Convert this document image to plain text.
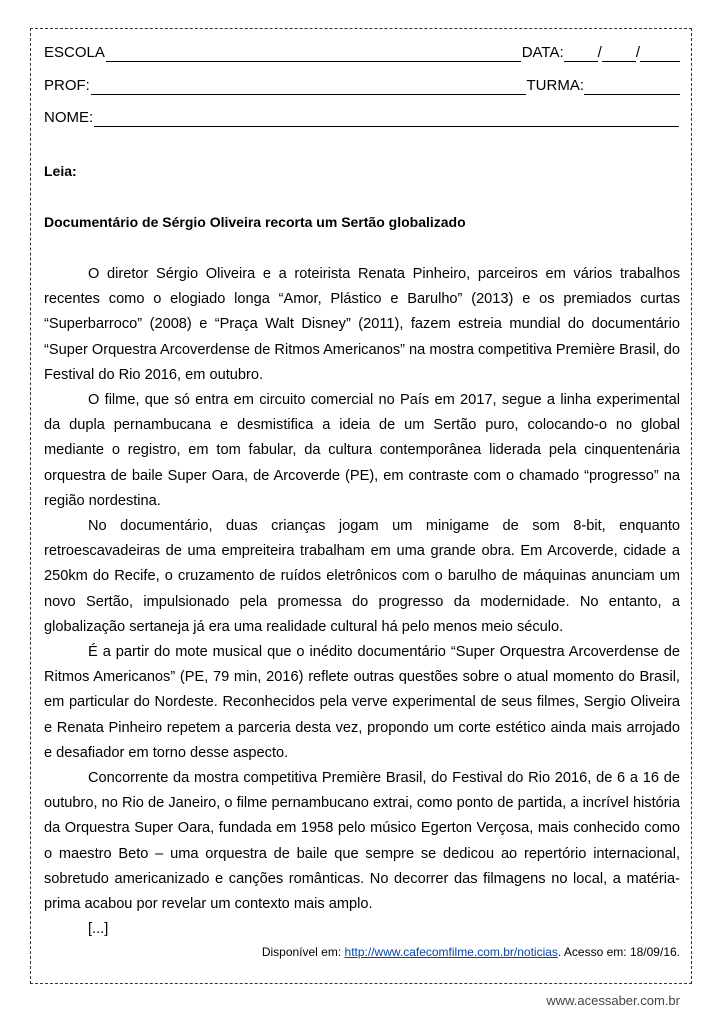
ESCOLA	DATA: / /
PROF:	TURMA:
NOME:
Leia:
Documentário de Sérgio Oliveira recorta um Sertão globalizado

O diretor Sérgio Oliveira e a roteirista Renata Pinheiro, parceiros em vários trabalhos recentes como o elogiado longa “Amor, Plástico e Barulho” (2013) e os premiados curtas “Superbarroco” (2008) e “Praça Walt Disney” (2011), fazem estreia mundial do documentário “Super Orquestra Arcoverdense de Ritmos Americanos” na mostra competitiva Première Brasil, do Festival do Rio 2016, em outubro.

O filme, que só entra em circuito comercial no País em 2017, segue a linha experimental da dupla pernambucana e desmistifica a ideia de um Sertão puro, colocando-o no global mediante o registro, em tom fabular, da cultura contemporânea liderada pela cinquentenária orquestra de baile Super Oara, de Arcoverde (PE), em contraste com o chamado “progresso” na região nordestina.

No documentário, duas crianças jogam um minigame de som 8-bit, enquanto retroescavadeiras de uma empreiteira trabalham em uma grande obra. Em Arcoverde, cidade a 250km do Recife, o cruzamento de ruídos eletrônicos com o barulho de máquinas anunciam um novo Sertão, impulsionado pela promessa do progresso da modernidade. No entanto, a globalização sertaneja já era uma realidade cultural há pelo menos meio século.

É a partir do mote musical que o inédito documentário “Super Orquestra Arcoverdense de Ritmos Americanos” (PE, 79 min, 2016) reflete outras questões sobre o atual momento do Brasil, em particular do Nordeste. Reconhecidos pela verve experimental de seus filmes, Sergio Oliveira e Renata Pinheiro repetem a parceria desta vez, propondo um corte estético ainda mais arrojado e desafiador em torno desse aspecto.

Concorrente da mostra competitiva Première Brasil, do Festival do Rio 2016, de 6 a 16 de outubro, no Rio de Janeiro, o filme pernambucano extrai, como ponto de partida, a incrível história da Orquestra Super Oara, fundada em 1958 pelo músico Egerton Verçosa, mais conhecido como o maestro Beto – uma orquestra de baile que sempre se dedicou ao repertório internacional, sobretudo americanizado e canções românticas. No decorrer das filmagens no local, a matéria-prima acabou por revelar um contexto mais amplo.

[...]

Disponível em: http://www.cafecomfilme.com.br/noticias. Acesso em: 18/09/16.
www.acessaber.com.br
